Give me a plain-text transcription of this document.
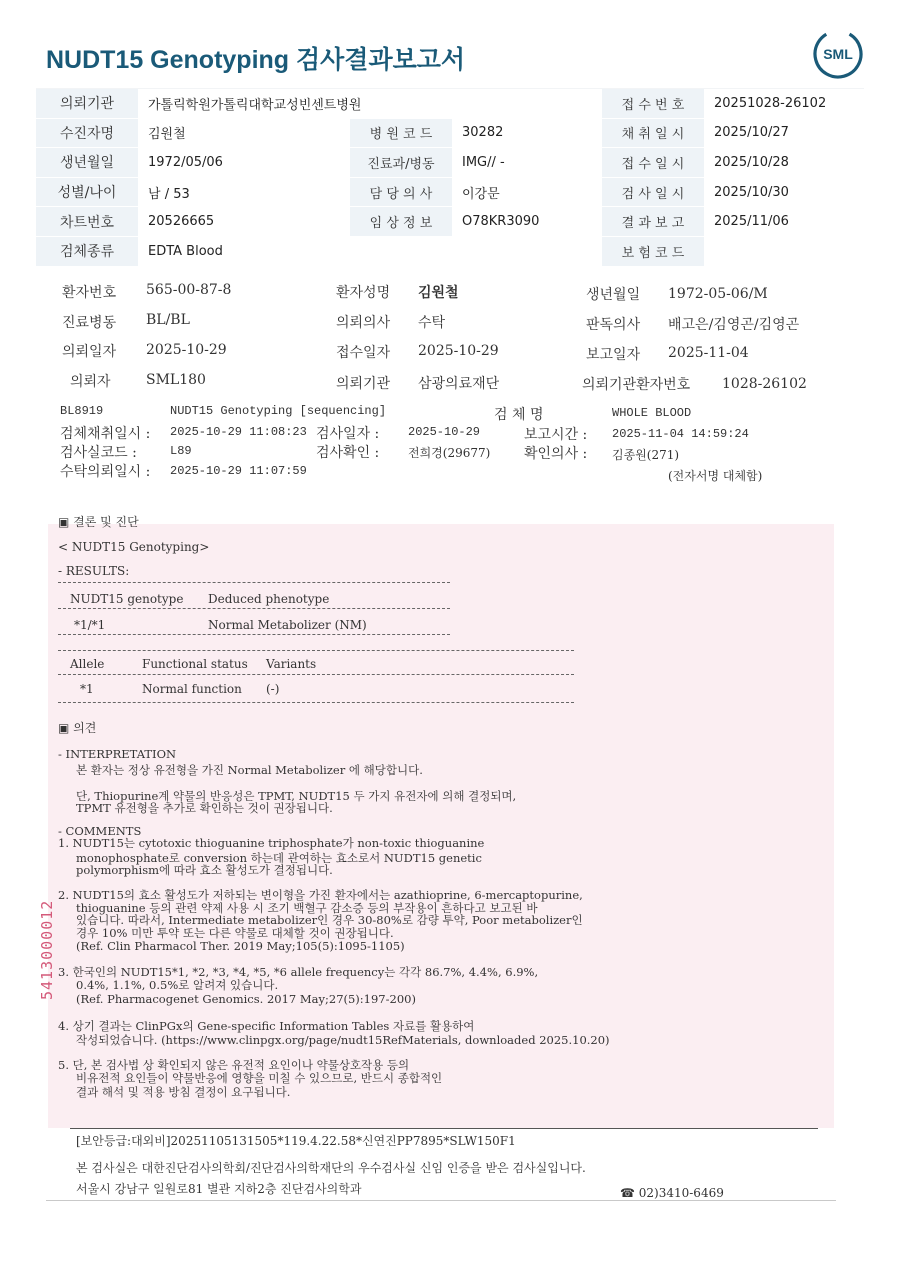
NUDT15 Genotyping 검사결과보고서	SML
의뢰기관	가톨릭학원가톨릭대학교성빈센트병원			접 수 번 호	20251028-26102
수진자명	김원철	병 원 코 드	30282	채 취 일 시	2025/10/27
생년월일	1972/05/06	진료과/병동	IMG// -	접 수 일 시	2025/10/28
성별/나이	남 / 53	담 당 의 사	이강문	검 사 일 시	2025/10/30
차트번호	20526665	임 상 정 보	O78KR3090	결 과 보 고	2025/11/06
검체종류	EDTA Blood			보 험 코 드	
환자번호 565-00-87-8	환자성명 김원철	생년월일 1972-05-06/M
진료병동 BL/BL	의뢰의사 수탁	판독의사 배고은/김영곤/김영곤
의뢰일자 2025-10-29	접수일자 2025-10-29	보고일자 2025-11-04
의뢰자	SML180	의뢰기관 삼광의료재단	의뢰기관환자번호 1028-26102
BL8919	NUDT15 Genotyping [sequencing]	검 체 명	WHOLE BLOOD
검체채취일시 : 2025-10-29 11:08:23 검사일자 : 2025-10-29	보고시간 : 2025-11-04 14:59:24
검사실코드 :	L89	검사확인 : 전희경(29677) 확인의사 : 김종원(271)
수탁의뢰일시 : 2025-10-29 11:07:59	(전자서명 대체함)
▣ 결론 및 진단
< NUDT15 Genotyping>
- RESULTS:
NUDT15 genotype Deduced phenotype
*1/*1	Normal Metabolizer (NM)
Allele	Functional status Variants
*1	Normal function (-)
▣ 의견
- INTERPRETATION
본 환자는 정상 유전형을 가진 Normal Metabolizer 에 해당합니다.
단, Thiopurine계 약물의 반응성은 TPMT, NUDT15 두 가지 유전자에 의해 결정되며,
TPMT 유전형을 추가로 확인하는 것이 권장됩니다.
- COMMENTS
1. NUDT15는 cytotoxic thioguanine triphosphate가 non-toxic thioguanine
monophosphate로 conversion 하는데 관여하는 효소로서 NUDT15 genetic
polymorphism에 따라 효소 활성도가 결정됩니다.
2. NUDT15의 효소 활성도가 저하되는 변이형을 가진 환자에서는 azathioprine, 6-mercaptopurine,
thioguanine 등의 관련 약제 사용 시 조기 백혈구 감소증 등의 부작용이 흔하다고 보고된 바
있습니다. 따라서, Intermediate metabolizer인 경우 30-80%로 감량 투약, Poor metabolizer인
경우 10% 미만 투약 또는 다른 약물로 대체할 것이 권장됩니다.
(Ref. Clin Pharmacol Ther. 2019 May;105(5):1095-1105)
3. 한국인의 NUDT15*1, *2, *3, *4, *5, *6 allele frequency는 각각 86.7%, 4.4%, 6.9%,
0.4%, 1.1%, 0.5%로 알려져 있습니다.
(Ref. Pharmacogenet Genomics. 2017 May;27(5):197-200)
4. 상기 결과는 ClinPGx의 Gene-specific Information Tables 자료를 활용하여
작성되었습니다. (https://www.clinpgx.org/page/nudt15RefMaterials, downloaded 2025.10.20)
5. 단, 본 검사법 상 확인되지 않은 유전적 요인이나 약물상호작용 등의
비유전적 요인들이 약물반응에 영향을 미칠 수 있으므로, 반드시 종합적인
결과 해석 및 적용 방침 결정이 요구됩니다.
5413000012
[보안등급:대외비]20251105131505*119.4.22.58*신연진PP7895*SLW150F1
본 검사실은 대한진단검사의학회/진단검사의학재단의 우수검사실 신임 인증을 받은 검사실입니다.
서울시 강남구 일원로81 별관 지하2층 진단검사의학과	☎ 02)3410-6469
